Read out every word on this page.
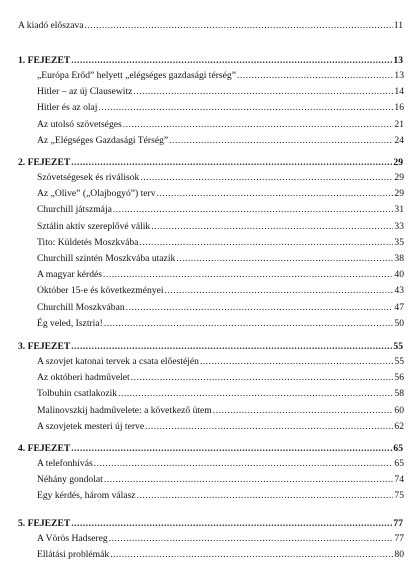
A kiadó előszava .....	11
1. FEJEZET .....	13
„Európa Erőd” helyett „elégséges gazdasági térség” .....	13
Hitler – az új Clausewitz .....	14
Hitler és az olaj .....	16
Az utolsó szövetséges .....	21
Az „Elégséges Gazdasági Térség” .....	24
2. FEJEZET .....	29
Szövetségesek és riválisok .....	29
Az „Olive” („Olajbogyó”) terv .....	29
Churchill játszmája .....	31
Sztálin aktív szereplővé válik .....	33
Tito: Küldetés Moszkvába .....	35
Churchill szintén Moszkvába utazik .....	38
A magyar kérdés .....	40
Október 15-e és következményei .....	43
Churchill Moszkvában .....	47
Ég veled, Isztria! .....	50
3. FEJEZET .....	55
A szovjet katonai tervek a csata előestéjén .....	55
Az októberi hadművelet .....	56
Tolbuhin csatlakozik .....	58
Malinovszkij hadművelete: a következő ütem .....	60
A szovjetek mesteri új terve .....	62
4. FEJEZET .....	65
A telefonhívás .....	65
Néhány gondolat .....	74
Egy kérdés, három válasz .....	75
5. FEJEZET .....	77
A Vörös Hadsereg .....	77
Ellátási problémák .....	80
